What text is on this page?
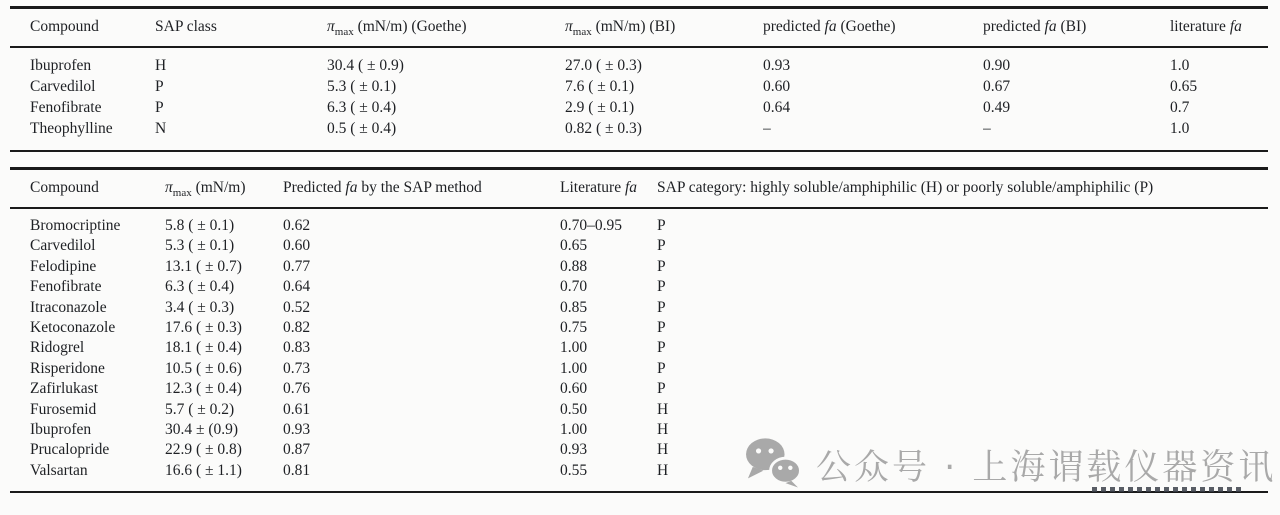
Compound	SAP class	$\pi_{max}$ (mN/m) (Goethe)	$\pi_{max}$ (mN/m) (BI)	predicted fa (Goethe)	predicted fa (BI)	literature fa
Ibuprofen	H	30.4 ( ± 0.9)	27.0 ( ± 0.3)	0.93	0.90	1.0
Carvedilol	P	5.3 ( ± 0.1)	7.6 ( ± 0.1)	0.60	0.67	0.65
Fenofibrate	P	6.3 ( ± 0.4)	2.9 ( ± 0.1)	0.64	0.49	0.7
Theophylline	N	0.5 ( ± 0.4)	0.82 ( ± 0.3)	–	–	1.0
Compound	$\pi_{max}$ (mN/m)	Predicted fa by the SAP method	Literature fa	SAP category: highly soluble/amphiphilic (H) or poorly soluble/amphiphilic (P)
Bromocriptine	5.8 ( ± 0.1)	0.62	0.70–0.95	P
Carvedilol	5.3 ( ± 0.1)	0.60	0.65	P
Felodipine	13.1 ( ± 0.7)	0.77	0.88	P
Fenofibrate	6.3 ( ± 0.4)	0.64	0.70	P
Itraconazole	3.4 ( ± 0.3)	0.52	0.85	P
Ketoconazole	17.6 ( ± 0.3)	0.82	0.75	P
Ridogrel	18.1 ( ± 0.4)	0.83	1.00	P
Risperidone	10.5 ( ± 0.6)	0.73	1.00	P
Zafirlukast	12.3 ( ± 0.4)	0.76	0.60	P
Furosemid	5.7 ( ± 0.2)	0.61	0.50	H
Ibuprofen	30.4 ± (0.9)	0.93	1.00	H
Prucalopride	22.9 ( ± 0.8)	0.87	0.93	H
Valsartan	16.6 ( ± 1.1)	0.81	0.55	H	公众号 · 上海谓载仪器资讯
